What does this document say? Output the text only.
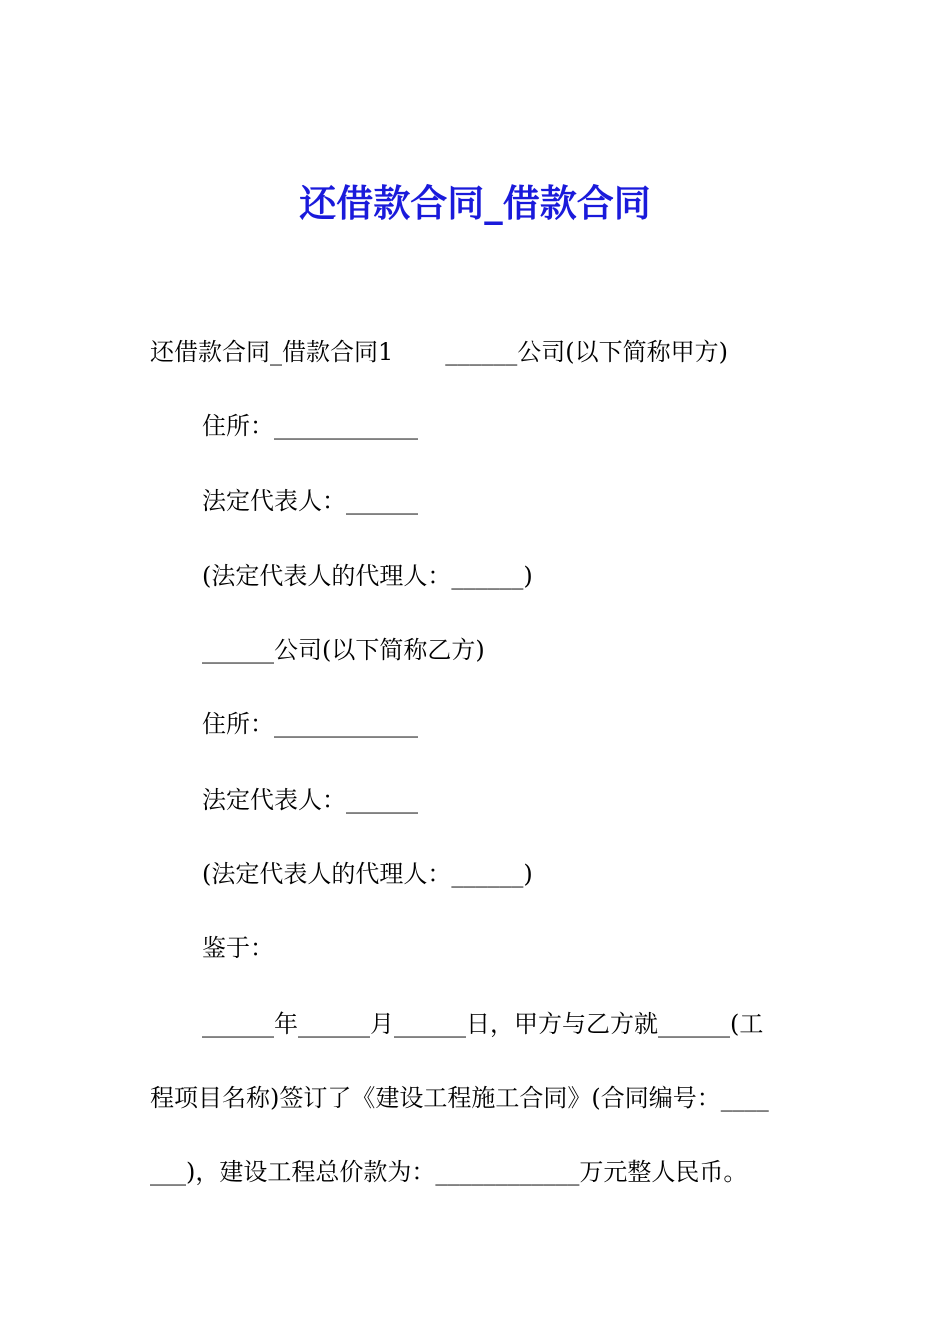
还借款合同_借款合同
还借款合同_借款合同1 ______公司(以下简称甲方)
住所：____________
法定代表人：______
(法定代表人的代理人：______)
______公司(以下简称乙方)
住所：____________
法定代表人：______
(法定代表人的代理人：______)
鉴于：
______年______月______日，甲方与乙方就______(工
程项目名称)签订了《建设工程施工合同》(合同编号：____
___)，建设工程总价款为：____________万元整人民币。
